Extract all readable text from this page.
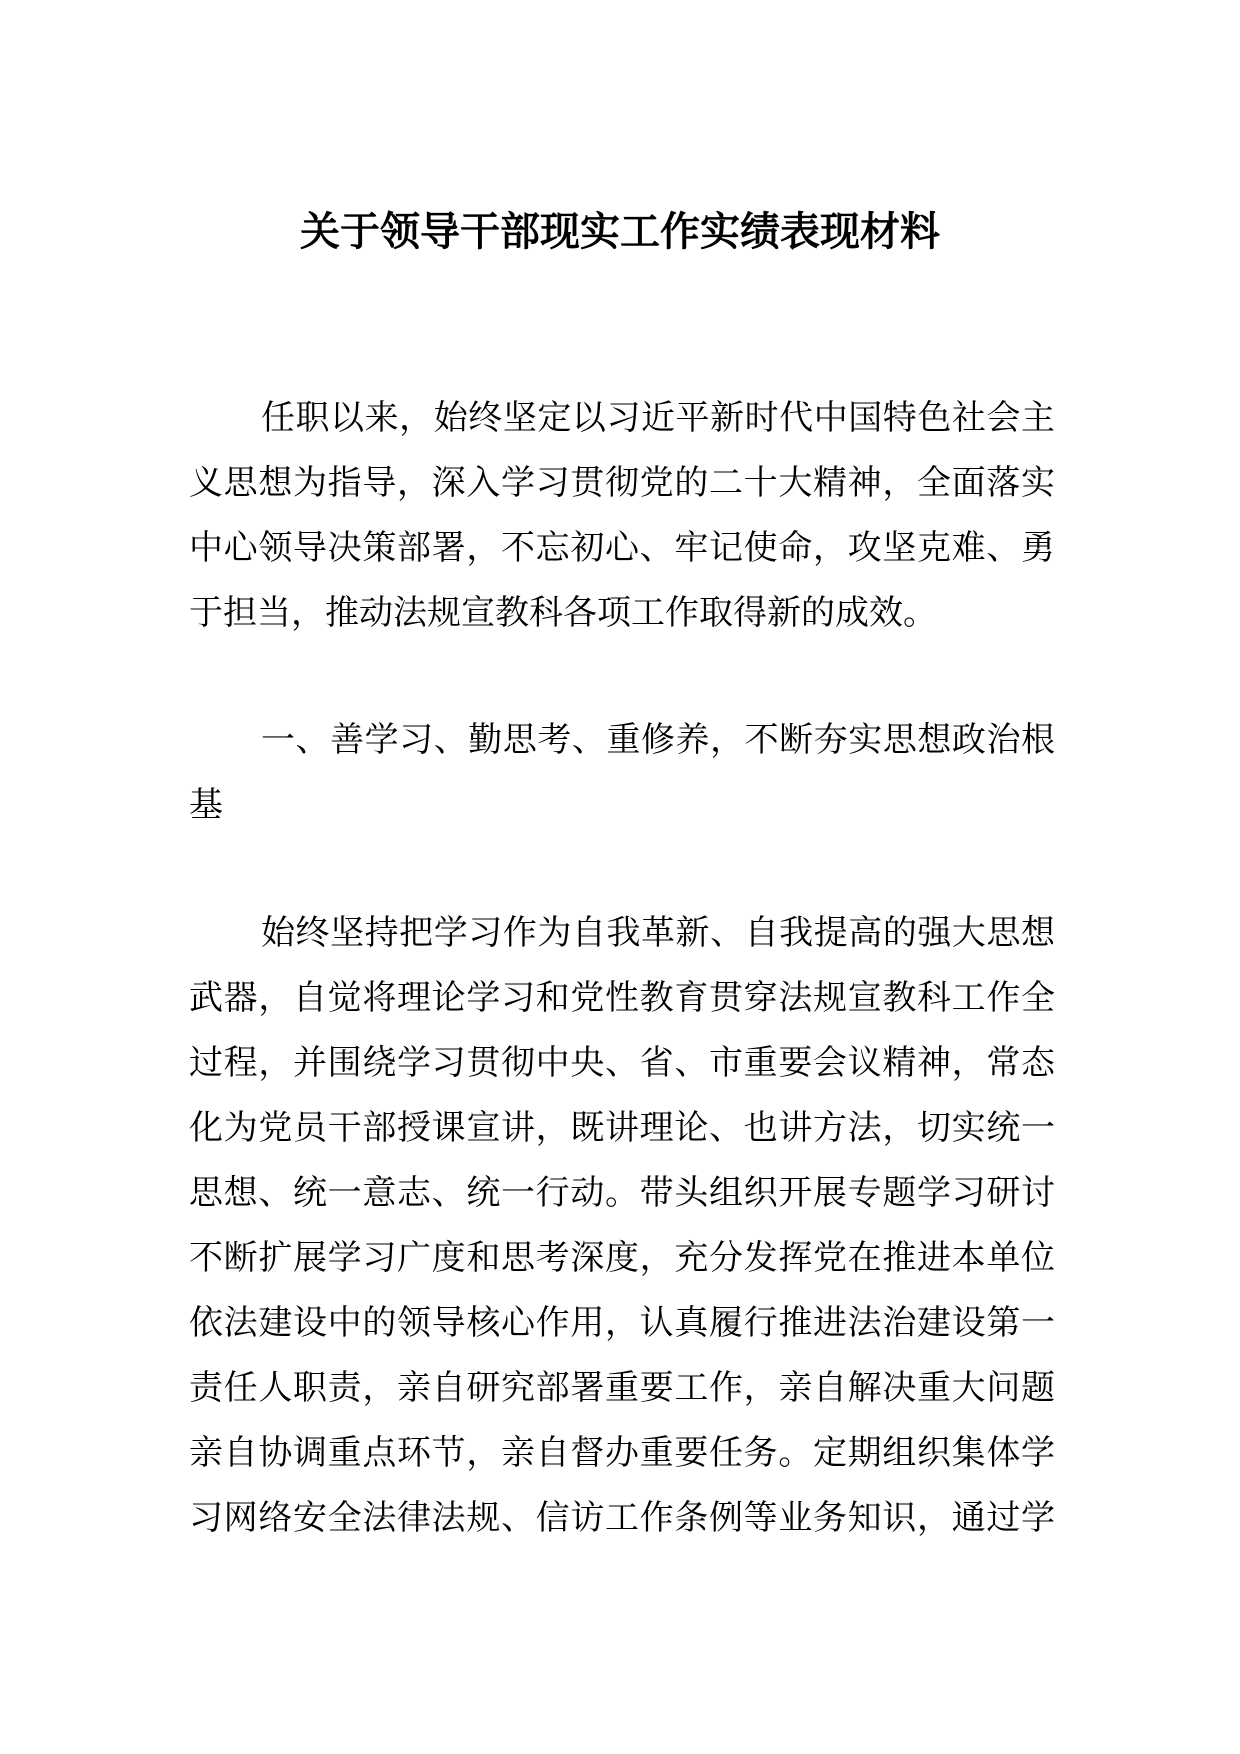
关于领导干部现实工作实绩表现材料
任职以来，始终坚定以习近平新时代中国特色社会主
义思想为指导，深入学习贯彻党的二十大精神，全面落实
中心领导决策部署，不忘初心、牢记使命，攻坚克难、勇
于担当，推动法规宣教科各项工作取得新的成效。
一、善学习、勤思考、重修养，不断夯实思想政治根
基
始终坚持把学习作为自我革新、自我提高的强大思想
武器，自觉将理论学习和党性教育贯穿法规宣教科工作全
过程，并围绕学习贯彻中央、省、市重要会议精神，常态
化为党员干部授课宣讲，既讲理论、也讲方法，切实统一
思想、统一意志、统一行动。带头组织开展专题学习研讨
不断扩展学习广度和思考深度，充分发挥党在推进本单位
依法建设中的领导核心作用，认真履行推进法治建设第一
责任人职责，亲自研究部署重要工作，亲自解决重大问题
亲自协调重点环节，亲自督办重要任务。定期组织集体学
习网络安全法律法规、信访工作条例等业务知识，通过学
